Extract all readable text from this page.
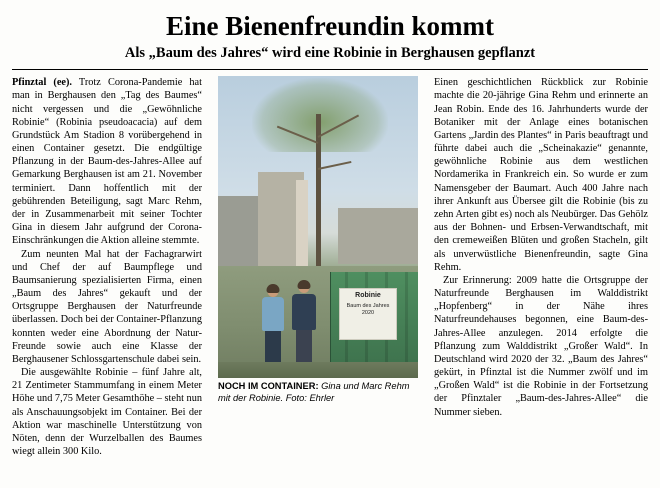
Eine Bienenfreundin kommt
Als „Baum des Jahres“ wird eine Robinie in Berghausen gepflanzt

Pfinztal (ee). Trotz Corona-Pandemie hat man in Berghausen den „Tag des Baumes“ nicht vergessen und die „Gewöhnliche Robinie“ (Robinia pseudoacacia) auf dem Grundstück Am Stadion 8 vorübergehend in einen Container gesetzt. Die endgültige Pflanzung in der Baum-des-Jahres-Allee auf Gemarkung Berghausen ist am 21. November terminiert. Dann hoffentlich mit der gebührenden Beteiligung, sagt Marc Rehm, der in Zusammenarbeit mit seiner Tochter Gina in diesem Jahr aufgrund der Corona-Einschränkungen die Aktion alleine stemmte.

Zum neunten Mal hat der Fachagrarwirt und Chef der auf Baumpflege und Baumsanierung spezialisierten Firma, einen „Baum des Jahres“ gekauft und der Ortsgruppe Berghausen der Naturfreunde überlassen. Doch bei der Container-Pflanzung konnten weder eine Abordnung der Natur-Freunde sowie auch eine Klasse der Berghausener Schlossgartenschule dabei sein.

Die ausgewählte Robinie – fünf Jahre alt, 21 Zentimeter Stammumfang in einem Meter Höhe und 7,75 Meter Gesamthöhe – steht nun als Anschauungsobjekt im Container. Bei der Aktion war maschinelle Unterstützung von Nöten, denn der Wurzelballen des Baumes wiegt allein 300 Kilo.

Robinie
Baum des Jahres 2020
NOCH IM CONTAINER: Gina und Marc Rehm mit der Robinie. Foto: Ehrler

Einen geschichtlichen Rückblick zur Robinie machte die 20-jährige Gina Rehm und erinnerte an Jean Robin. Ende des 16. Jahrhunderts wurde der Botaniker mit der Anlage eines botanischen Gartens „Jardin des Plantes“ in Paris beauftragt und führte dabei auch die „Scheinakazie“ genannte, gewöhnliche Robinie aus dem westlichen Nordamerika in Frankreich ein. So wurde er zum Namensgeber der Baumart. Auch 400 Jahre nach ihrer Ankunft aus Übersee gilt die Robinie (bis zu zehn Arten gibt es) noch als Neubürger. Das Gehölz aus der Bohnen- und Erbsen-Verwandtschaft, mit den cremeweißen Blüten und großen Stacheln, gilt als unverwüstliche Bienenfreundin, sagte Gina Rehm.

Zur Erinnerung: 2009 hatte die Ortsgruppe der Naturfreunde Berghausen im Walddistrikt „Hopfenberg“ in der Nähe ihres Naturfreundehauses begonnen, eine Baum-des-Jahres-Allee anzulegen. 2014 erfolgte die Pflanzung zum Walddistrikt „Großer Wald“. In Deutschland wird 2020 der 32. „Baum des Jahres“ gekürt, in Pfinztal ist die Nummer zwölf und im „Großen Wald“ ist die Robinie in der Fortsetzung der Pfinztaler „Baum-des-Jahres-Allee“ die Nummer sieben.
